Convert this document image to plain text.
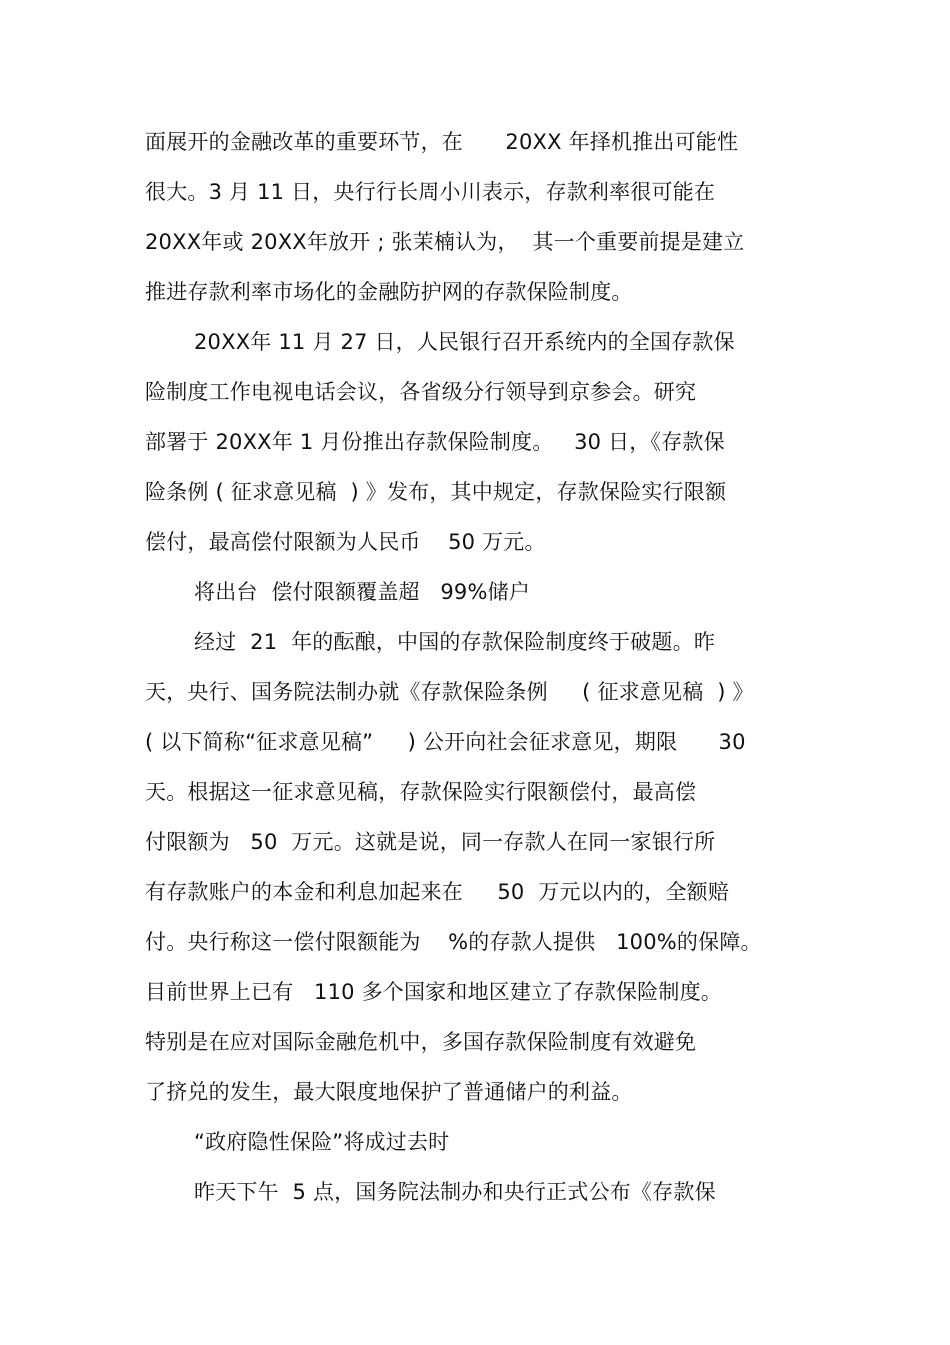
面展开的金融改革的重要环节，在　　20XX 年择机推出可能性
很大。3 月 11 日，央行行长周小川表示，存款利率很可能在
20XX年或 20XX年放开 ; 张茉楠认为，  其一个重要前提是建立
推进存款利率市场化的金融防护网的存款保险制度。
20XX年 11 月 27 日，人民银行召开系统内的全国存款保
险制度工作电视电话会议，各省级分行领导到京参会。研究
部署于 20XX年 1 月份推出存款保险制度。   30 日，《存款保
险条例 ( 征求意见稿  ) 》发布，其中规定，存款保险实行限额
偿付，最高偿付限额为人民币    50 万元。
将出台  偿付限额覆盖超   99%储户
经过  21  年的酝酿，中国的存款保险制度终于破题。昨
天，央行、国务院法制办就《存款保险条例     ( 征求意见稿  ) 》
( 以下简称“征求意见稿”     ) 公开向社会征求意见，期限      30
天。根据这一征求意见稿，存款保险实行限额偿付，最高偿
付限额为   50  万元。这就是说，同一存款人在同一家银行所
有存款账户的本金和利息加起来在     50  万元以内的，全额赔
付。央行称这一偿付限额能为    %的存款人提供   100%的保障。
目前世界上已有   110 多个国家和地区建立了存款保险制度。
特别是在应对国际金融危机中，多国存款保险制度有效避免
了挤兑的发生，最大限度地保护了普通储户的利益。
“政府隐性保险”将成过去时
昨天下午  5 点，国务院法制办和央行正式公布《存款保
